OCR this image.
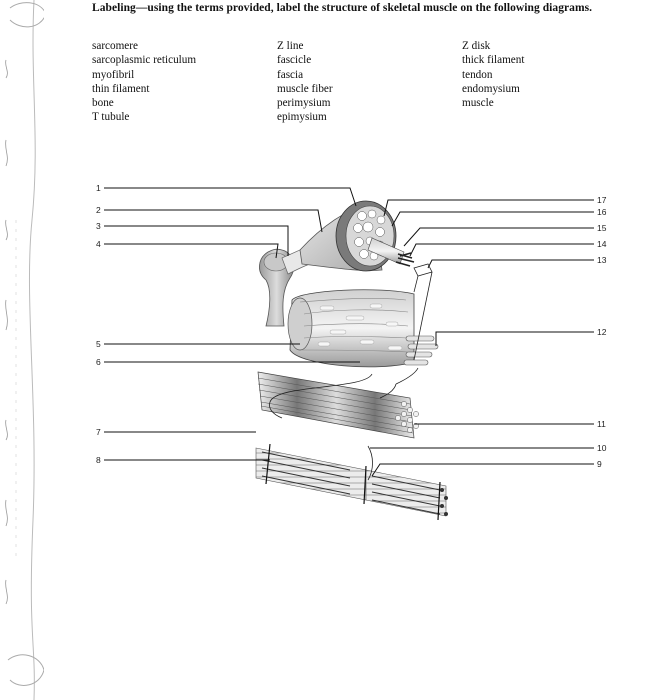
Labeling—using the terms provided, label the structure of skeletal muscle on the following diagrams.
sarcomere
sarcoplasmic reticulum
myofibril
thin filament
bone
T tubule
Z line
fascicle
fascia
muscle fiber
perimysium
epimysium
Z disk
thick filament
tendon
endomysium
muscle
1
2
3
4
5
6
7
8
17
16
15
14
13
12
11
10
9
